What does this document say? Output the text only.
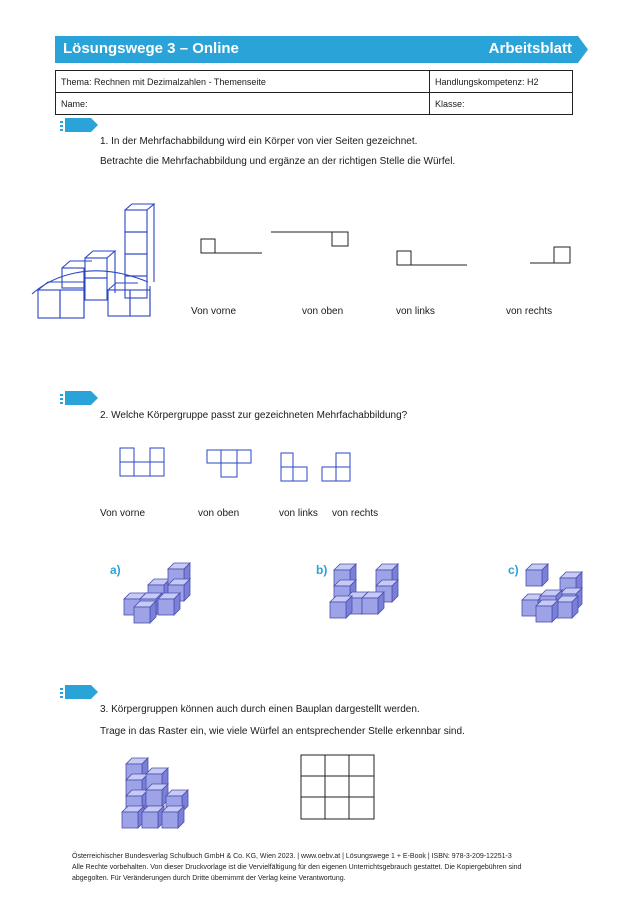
Lösungswege 3 – Online	Arbeitsblatt
Thema: Rechnen mit Dezimalzahlen - Themenseite	Handlungskompetenz: H2
Name:	Klasse:
1. In der Mehrfachabbildung wird ein Körper von vier Seiten gezeichnet.
Betrachte die Mehrfachabbildung und ergänze an der richtigen Stelle die Würfel.
Von vorne	von oben	von links	von rechts
2. Welche Körpergruppe passt zur gezeichneten Mehrfachabbildung?
Von vorne	von oben	von links von rechts
a)	b)	c)
3. Körpergruppen können auch durch einen Bauplan dargestellt werden.
Trage in das Raster ein, wie viele Würfel an entsprechender Stelle erkennbar sind.
Österreichischer Bundesverlag Schulbuch GmbH & Co. KG, Wien 2023. | www.oebv.at | Lösungswege 1 + E-Book | ISBN: 978-3-209-12251-3
Alle Rechte vorbehalten. Von dieser Druckvorlage ist die Vervielfältigung für den eigenen Unterrichtsgebrauch gestattet. Die Kopiergebühren sind
abgegolten. Für Veränderungen durch Dritte übernimmt der Verlag keine Verantwortung.
